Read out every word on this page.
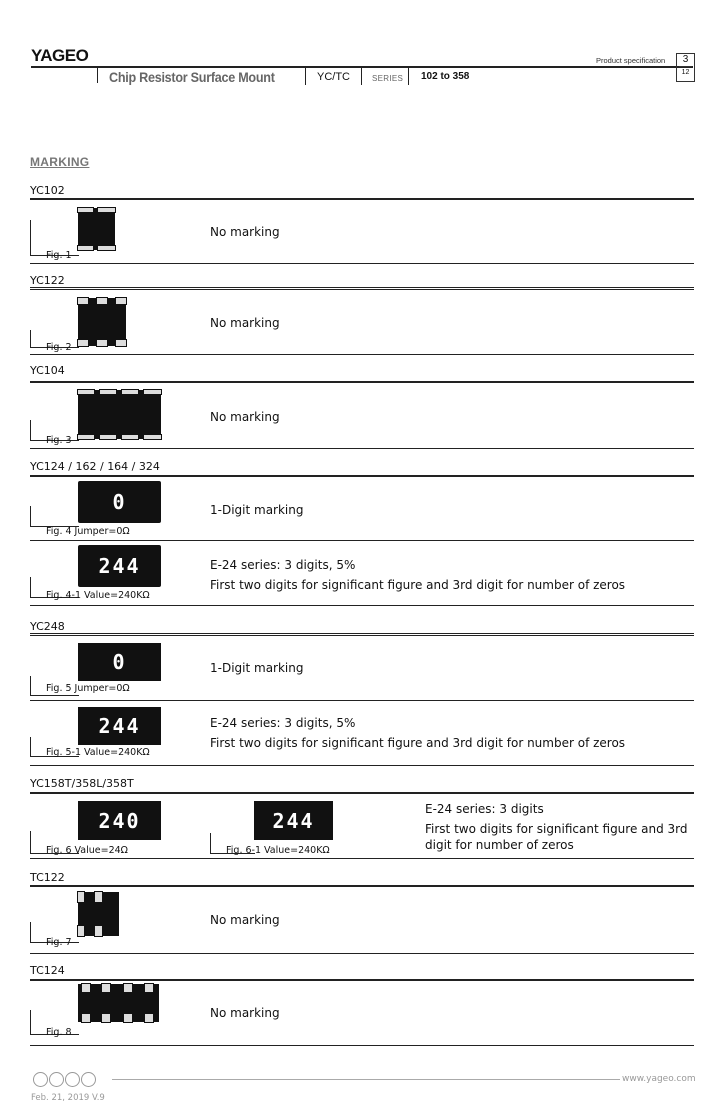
YAGEO
Chip Resistor Surface Mount	YC/TC	SERIES 102 to 358
Product specification	3
12
MARKING
YC102
Fig. 1
No marking
YC122
Fig. 2
No marking
YC104
Fig. 3
No marking
YC124 / 162 / 164 / 324
0
Fig. 4 Jumper=0Ω
1-Digit marking
244
Fig. 4-1 Value=240KΩ
E-24 series: 3 digits, 5%
First two digits for significant figure and 3rd digit for number of zeros
YC248
0
Fig. 5 Jumper=0Ω
1-Digit marking
244
Fig. 5-1 Value=240KΩ
E-24 series: 3 digits, 5%
First two digits for significant figure and 3rd digit for number of zeros
YC158T/358L/358T
240
Fig. 6 Value=24Ω
244
Fig. 6-1 Value=240KΩ
E-24 series: 3 digits
First two digits for significant figure and 3rd
digit for number of zeros
TC122
Fig. 7
No marking
TC124
Fig. 8
No marking
www.yageo.com
Feb. 21, 2019 V.9
